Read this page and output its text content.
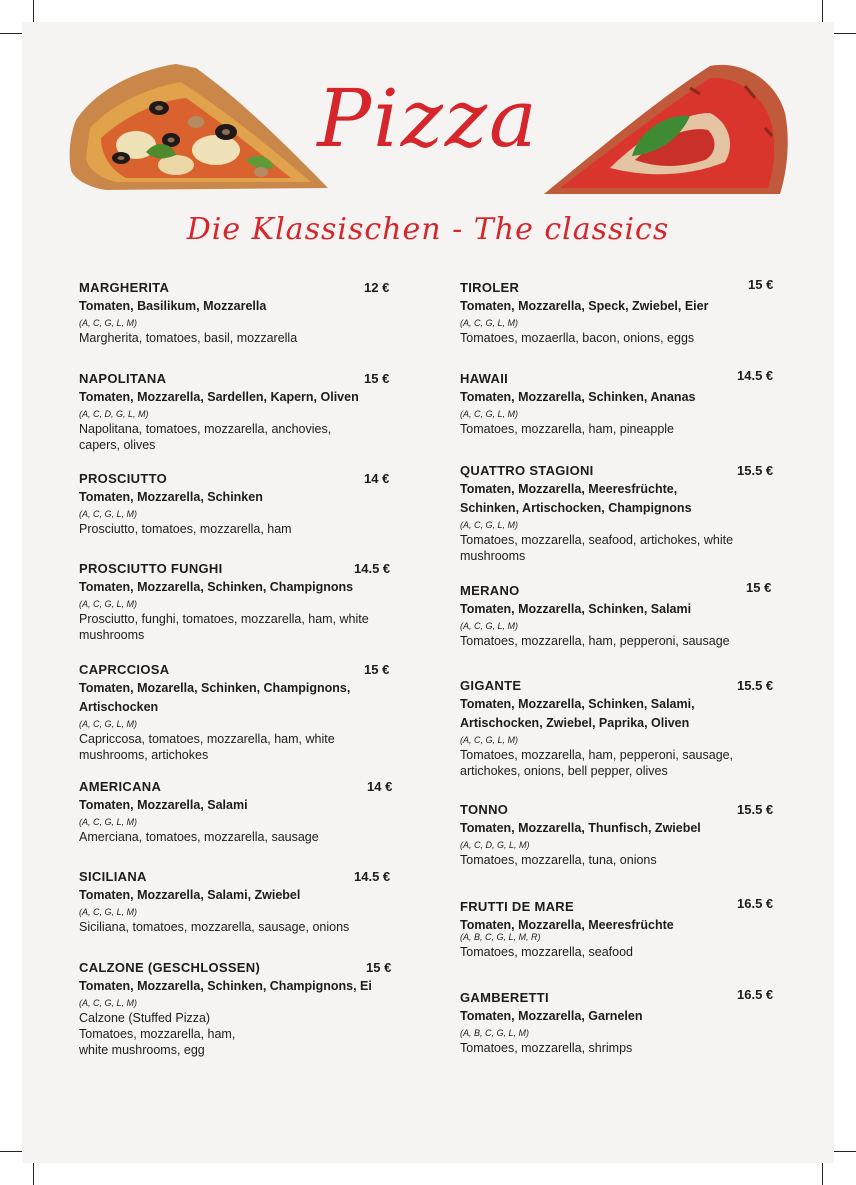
Pizza
Die Klassischen - The classics
MARGHERITA	12 €
Tomaten, Basilikum, Mozzarella
(A, C, G, L, M)
Margherita, tomatoes, basil, mozzarella
NAPOLITANA	15 €
Tomaten, Mozzarella, Sardellen, Kapern, Oliven
(A, C, D, G, L, M)
Napolitana, tomatoes, mozzarella, anchovies, capers, olives
PROSCIUTTO	14 €
Tomaten, Mozzarella, Schinken
(A, C, G, L, M)
Prosciutto, tomatoes, mozzarella, ham
PROSCIUTTO FUNGHI	14.5 €
Tomaten, Mozzarella, Schinken, Champignons
(A, C, G, L, M)
Prosciutto, funghi, tomatoes, mozzarella, ham, white mushrooms
CAPRCCIOSA	15 €
Tomaten, Mozarella, Schinken, Champignons, Artischocken
(A, C, G, L, M)
Capriccosa, tomatoes, mozzarella, ham, white mushrooms, artichokes
AMERICANA	14 €
Tomaten, Mozzarella, Salami
(A, C, G, L, M)
Amerciana, tomatoes, mozzarella, sausage
SICILIANA	14.5 €
Tomaten, Mozzarella, Salami, Zwiebel
(A, C, G, L, M)
Siciliana, tomatoes, mozzarella, sausage, onions
CALZONE (GESCHLOSSEN)	15 €
Tomaten, Mozzarella, Schinken, Champignons, Ei
(A, C, G, L, M)
Calzone (Stuffed Pizza) Tomatoes, mozzarella, ham, white mushrooms, egg
TIROLER	15 €
Tomaten, Mozzarella, Speck, Zwiebel, Eier
(A, C, G, L, M)
Tomatoes, mozaerlla, bacon, onions, eggs
HAWAII	14.5 €
Tomaten, Mozzarella, Schinken, Ananas
(A, C, G, L, M)
Tomatoes, mozzarella, ham, pineapple
QUATTRO STAGIONI	15.5 €
Tomaten, Mozzarella, Meeresfrüchte, Schinken, Artischocken, Champignons
(A, C, G, L, M)
Tomatoes, mozzarella, seafood, artichokes, white mushrooms
MERANO	15 €
Tomaten, Mozzarella, Schinken, Salami
(A, C, G, L, M)
Tomatoes, mozzarella, ham, pepperoni, sausage
GIGANTE	15.5 €
Tomaten, Mozzarella, Schinken, Salami, Artischocken, Zwiebel, Paprika, Oliven
(A, C, G, L, M)
Tomatoes, mozzarella, ham, pepperoni, sausage, artichokes, onions, bell pepper, olives
TONNO	15.5 €
Tomaten, Mozzarella, Thunfisch, Zwiebel
(A, C, D, G, L, M)
Tomatoes, mozzarella, tuna, onions
FRUTTI DE MARE	16.5 €
Tomaten, Mozzarella, Meeresfrüchte
(A, B, C, G, L, M, R)
Tomatoes, mozzarella, seafood
GAMBERETTI	16.5 €
Tomaten, Mozzarella, Garnelen
(A, B, C, G, L, M)
Tomatoes, mozzarella, shrimps
